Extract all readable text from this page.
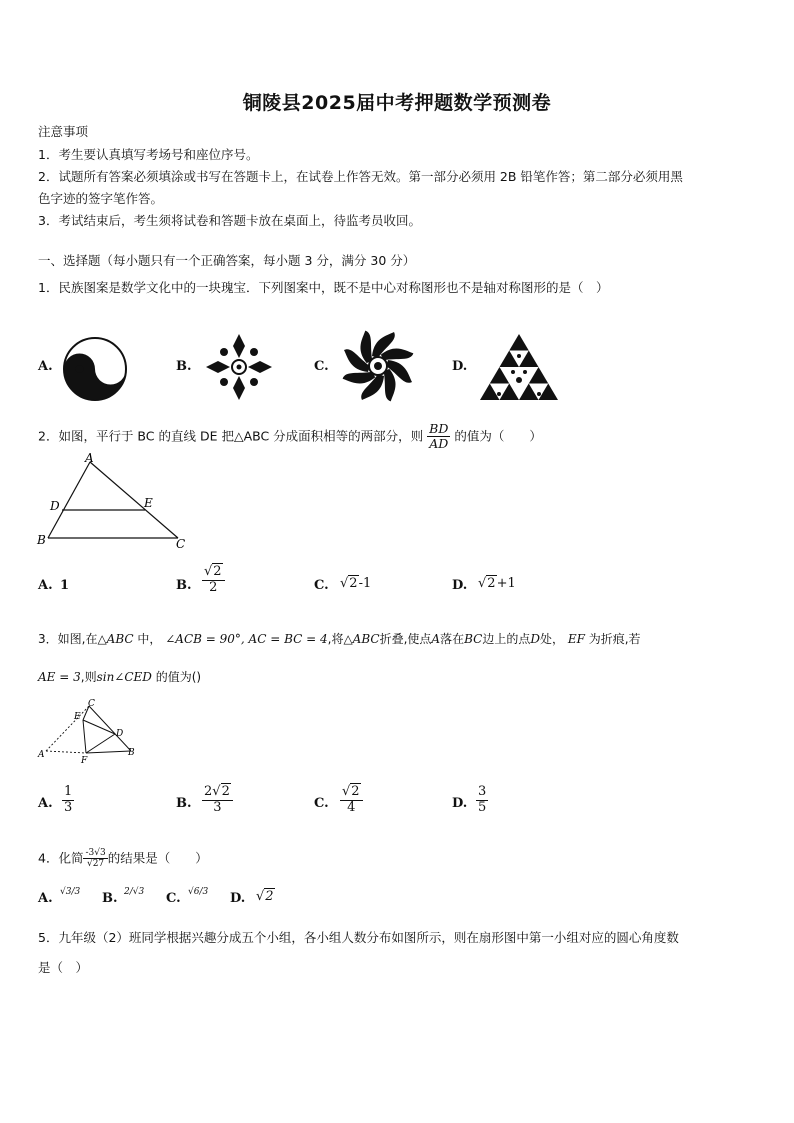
铜陵县2025届中考押题数学预测卷
注意事项
1．考生要认真填写考场号和座位序号。
2．试题所有答案必须填涂或书写在答题卡上，在试卷上作答无效。第一部分必须用 2B 铅笔作答；第二部分必须用黑
色字迹的签字笔作答。
3．考试结束后，考生须将试卷和答题卡放在桌面上，待监考员收回。
一、选择题（每小题只有一个正确答案，每小题 3 分，满分 30 分）
1．民族图案是数学文化中的一块瑰宝．下列图案中，既不是中心对称图形也不是轴对称图形的是（　）
A.	B.	C.	D.
2．如图，平行于 BC 的直线 DE 把△ABC 分成面积相等的两部分，则 $\frac{BD}{AD}$ 的值为（　　）
A
D	E
B	C
A. 1	B. $\frac{√2}{2}$	C. √2-1	D. √2+1
3．如图,在△ABC 中， ∠ACB = 90°, AC = BC = 4,将△ABC折叠,使点A落在BC边上的点D处， EF 为折痕,若
AE = 3,则sin∠CED 的值为()
C
E
D
B
A
F
A. $\frac{1}{3}$	B. $\frac{2√2}{3}$	C. $\frac{√2}{4}$	D. $\frac{3}{5}$
4．化简 $\frac{-3√3}{√27}$ 的结果是（　　）
A. √3/3 B. 2/√3 C. √6/3 D. √2
5．九年级（2）班同学根据兴趣分成五个小组，各小组人数分布如图所示，则在扇形图中第一小组对应的圆心角度数
是（　）
